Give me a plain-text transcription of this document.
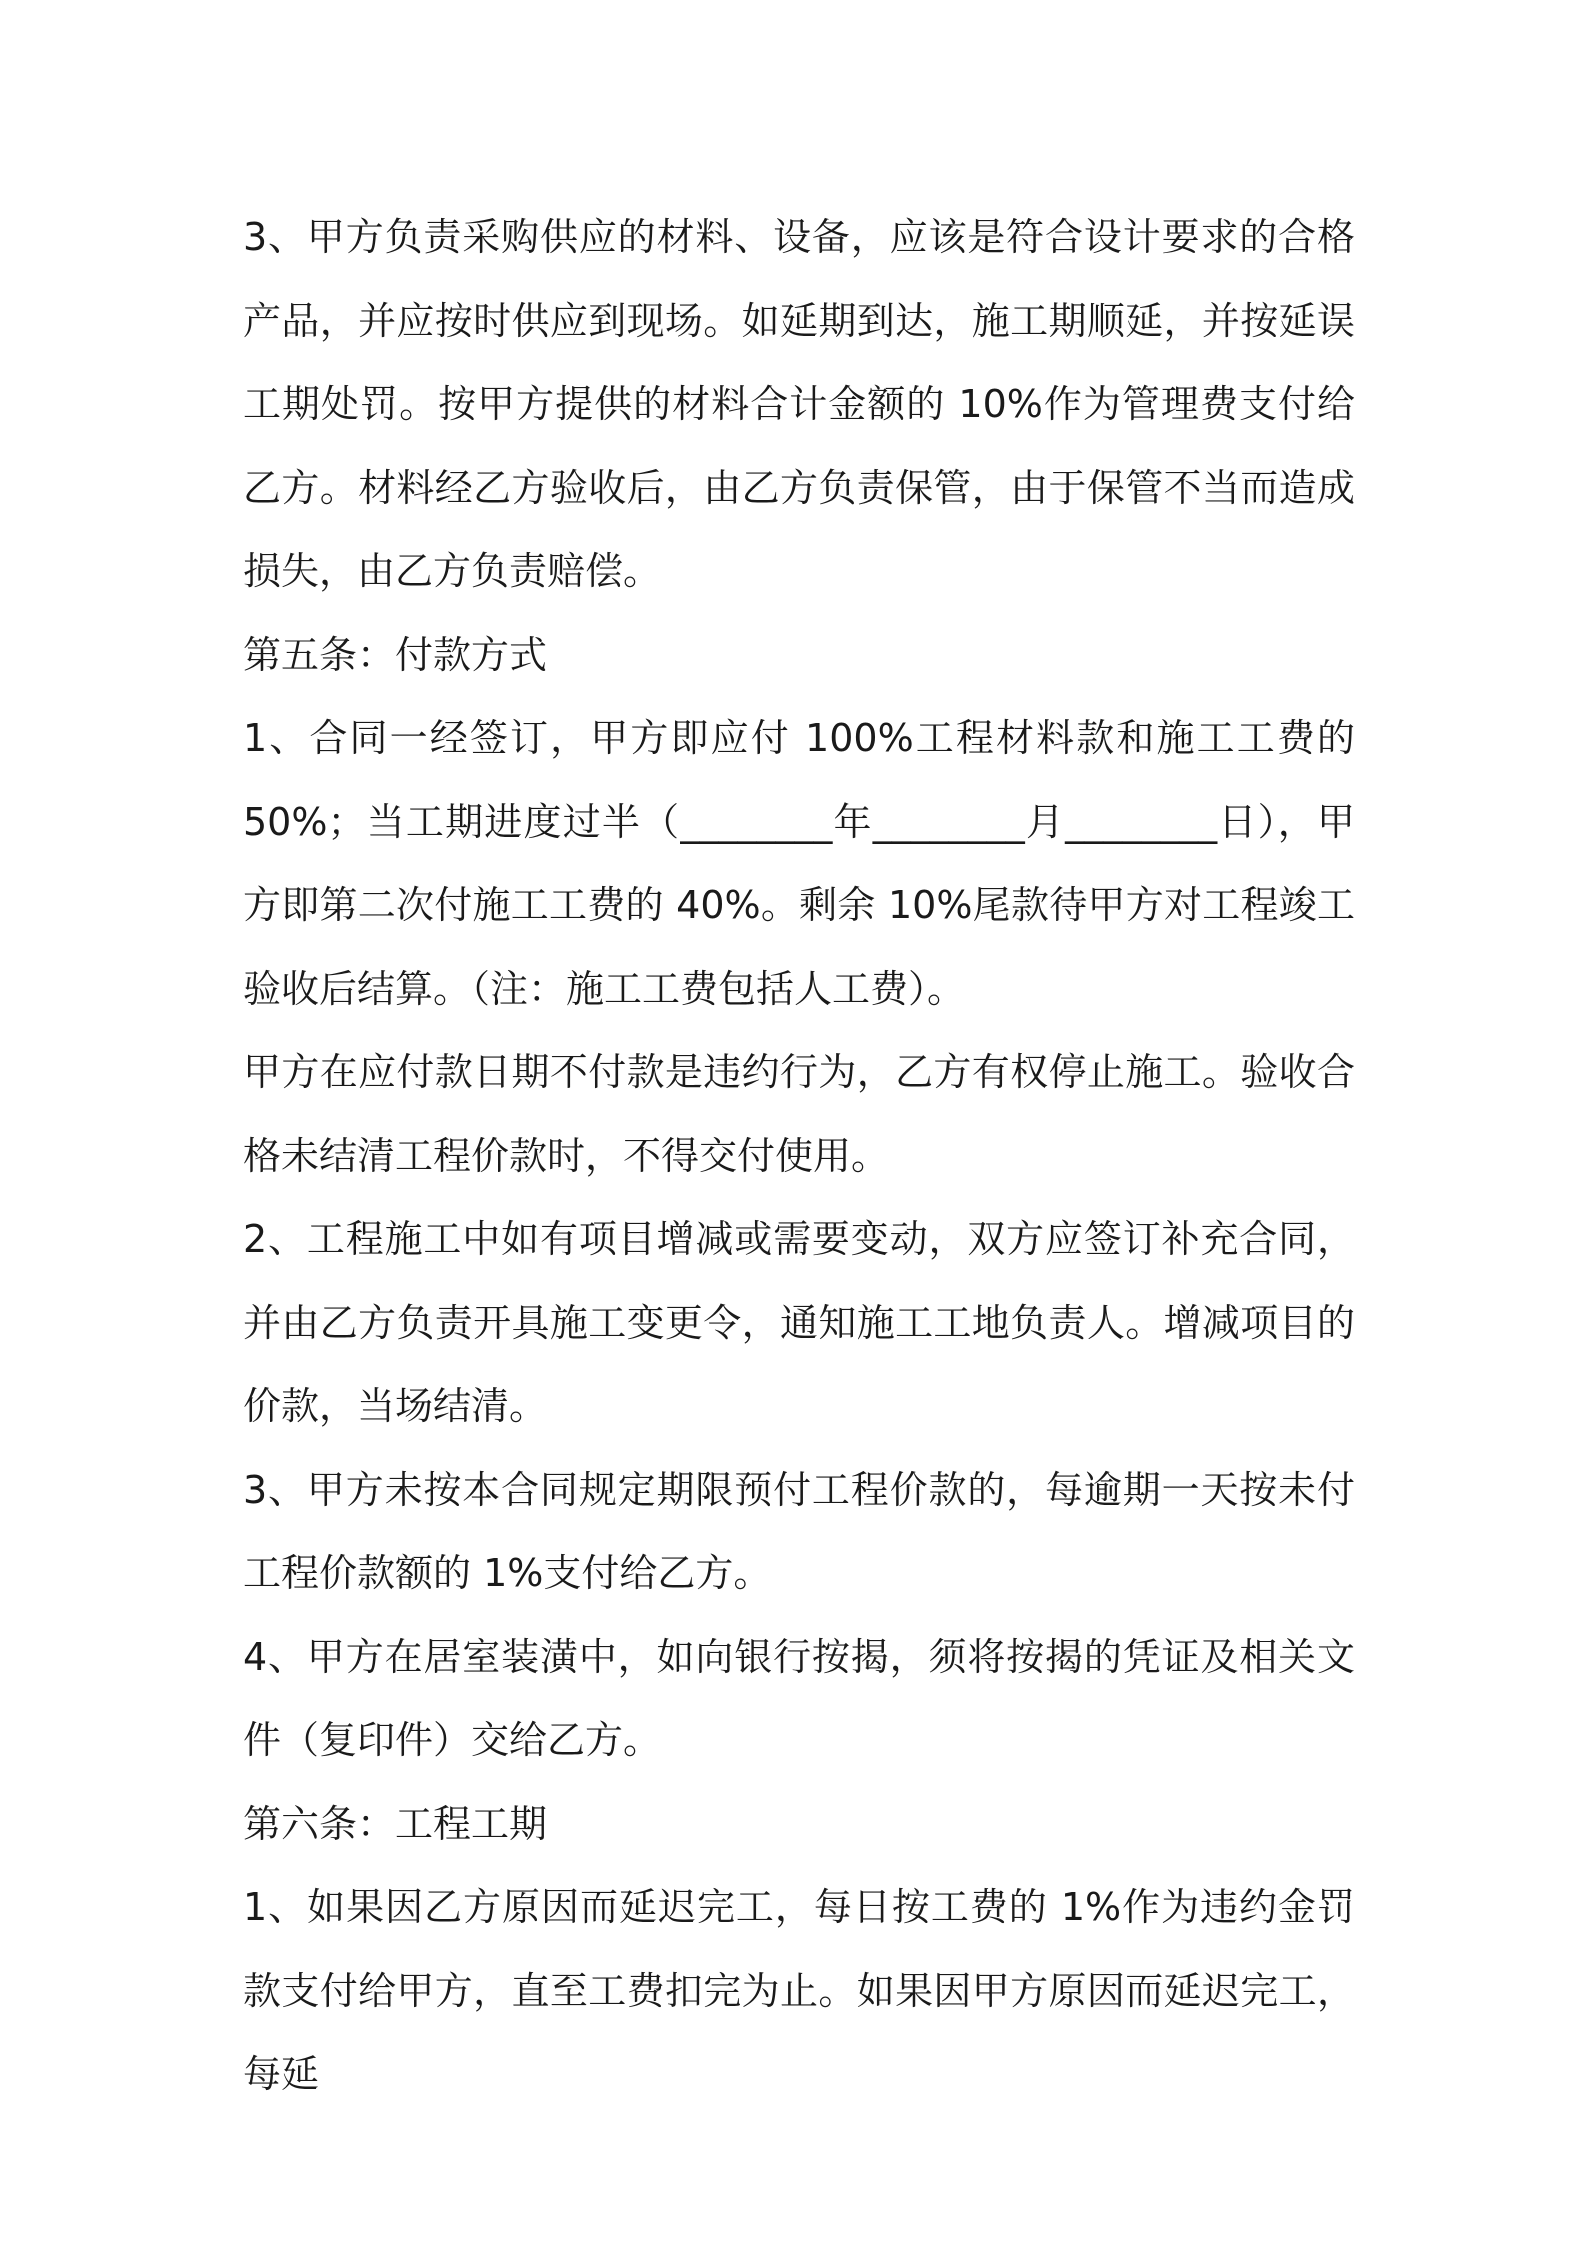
3、甲方负责采购供应的材料、设备，应该是符合设计要求的合格产品，并应按时供应到现场。如延期到达，施工期顺延，并按延误工期处罚。按甲方提供的材料合计金额的 10%作为管理费支付给乙方。材料经乙方验收后，由乙方负责保管，由于保管不当而造成损失，由乙方负责赔偿。

第五条：付款方式

1、合同一经签订，甲方即应付 100%工程材料款和施工工费的 50%；当工期进度过半（________年________月________日），甲方即第二次付施工工费的 40%。剩余 10%尾款待甲方对工程竣工验收后结算。（注：施工工费包括人工费）。

甲方在应付款日期不付款是违约行为，乙方有权停止施工。验收合格未结清工程价款时，不得交付使用。

2、工程施工中如有项目增减或需要变动，双方应签订补充合同，并由乙方负责开具施工变更令，通知施工工地负责人。增减项目的价款，当场结清。

3、甲方未按本合同规定期限预付工程价款的，每逾期一天按未付工程价款额的 1%支付给乙方。

4、甲方在居室装潢中，如向银行按揭，须将按揭的凭证及相关文件（复印件）交给乙方。

第六条：工程工期

1、如果因乙方原因而延迟完工，每日按工费的 1%作为违约金罚款支付给甲方，直至工费扣完为止。如果因甲方原因而延迟完工，每延
